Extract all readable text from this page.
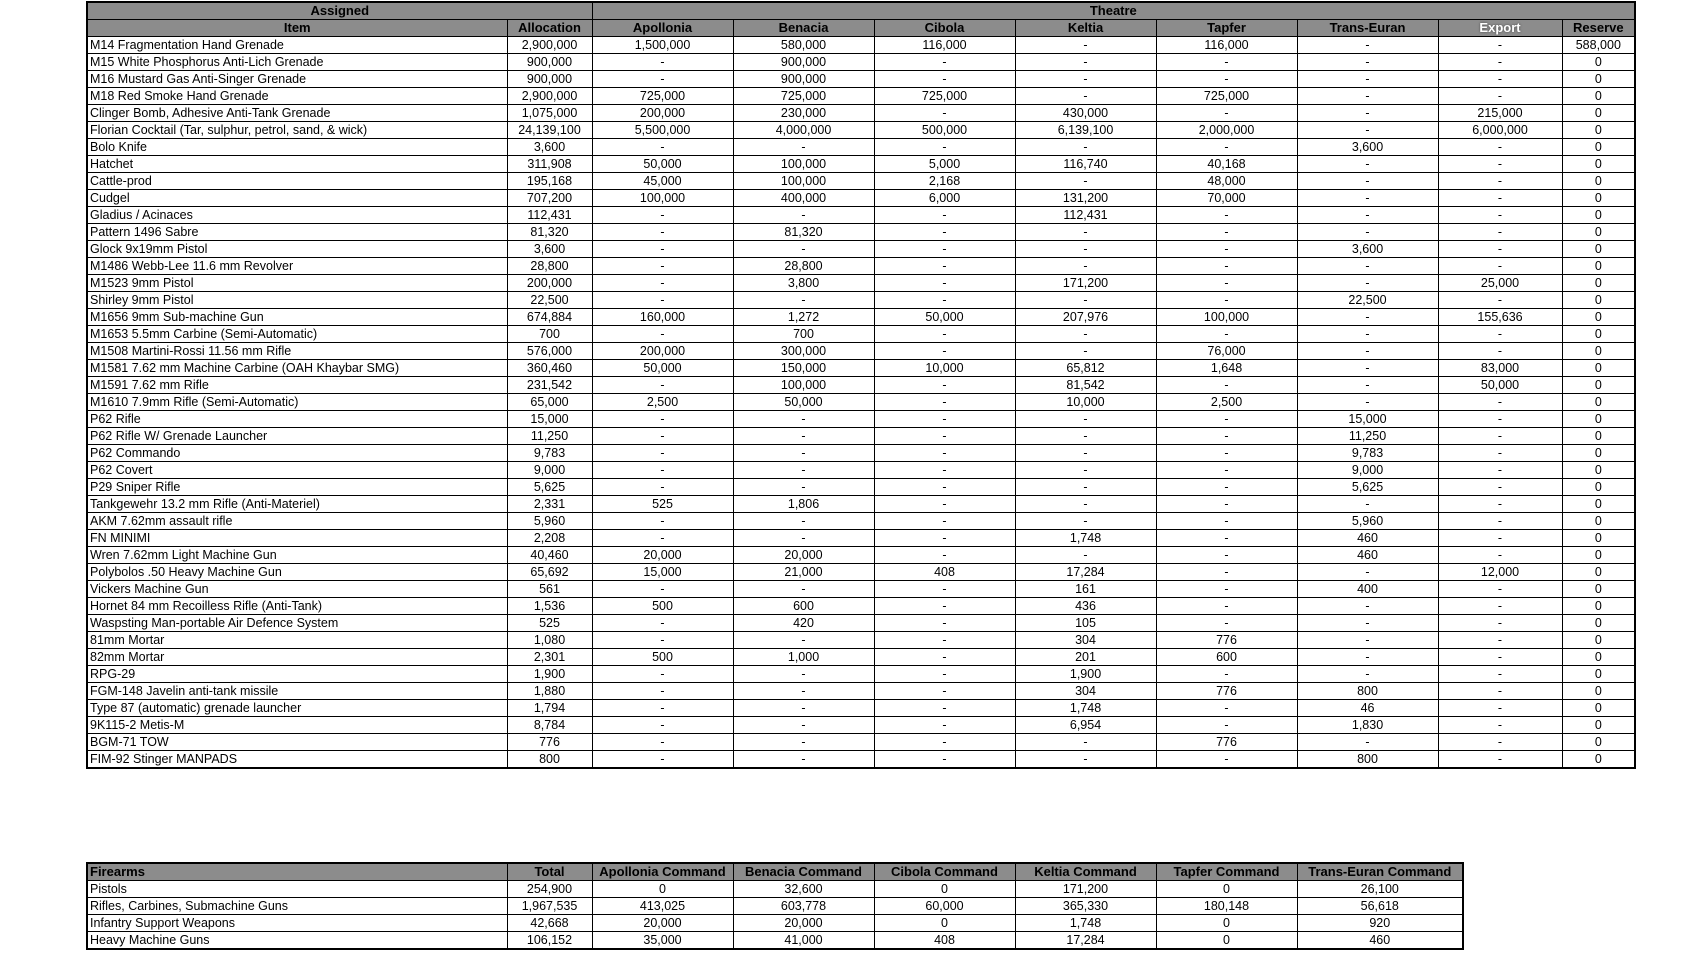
Assigned		Theatre							
Item	Allocation	Apollonia	Benacia	Cibola	Keltia	Tapfer	Trans-Euran	Export	Reserve
M14 Fragmentation Hand Grenade	2,900,000	1,500,000	580,000	116,000	-	116,000	-	-	588,000
M15 White Phosphorus Anti-Lich Grenade	900,000	-	900,000	-	-	-	-	-	0
M16 Mustard Gas Anti-Singer Grenade	900,000	-	900,000	-	-	-	-	-	0
M18 Red Smoke Hand Grenade	2,900,000	725,000	725,000	725,000	-	725,000	-	-	0
Clinger Bomb, Adhesive Anti-Tank Grenade	1,075,000	200,000	230,000	-	430,000	-	-	215,000	0
Florian Cocktail (Tar, sulphur, petrol, sand, & wick)	24,139,100	5,500,000	4,000,000	500,000	6,139,100	2,000,000	-	6,000,000	0
Bolo Knife	3,600	-	-	-	-	-	3,600	-	0
Hatchet	311,908	50,000	100,000	5,000	116,740	40,168	-	-	0
Cattle-prod	195,168	45,000	100,000	2,168	-	48,000	-	-	0
Cudgel	707,200	100,000	400,000	6,000	131,200	70,000	-	-	0
Gladius / Acinaces	112,431	-	-	-	112,431	-	-	-	0
Pattern 1496 Sabre	81,320	-	81,320	-	-	-	-	-	0
Glock 9x19mm Pistol	3,600	-	-	-	-	-	3,600	-	0
M1486 Webb-Lee 11.6 mm Revolver	28,800	-	28,800	-	-	-	-	-	0
M1523 9mm Pistol	200,000	-	3,800	-	171,200	-	-	25,000	0
Shirley 9mm Pistol	22,500	-	-	-	-	-	22,500	-	0
M1656 9mm Sub-machine Gun	674,884	160,000	1,272	50,000	207,976	100,000	-	155,636	0
M1653 5.5mm Carbine (Semi-Automatic)	700	-	700	-	-	-	-	-	0
M1508 Martini-Rossi 11.56 mm Rifle	576,000	200,000	300,000	-	-	76,000	-	-	0
M1581 7.62 mm Machine Carbine (OAH Khaybar SMG)	360,460	50,000	150,000	10,000	65,812	1,648	-	83,000	0
M1591 7.62 mm Rifle	231,542	-	100,000	-	81,542	-	-	50,000	0
M1610 7.9mm Rifle (Semi-Automatic)	65,000	2,500	50,000	-	10,000	2,500	-	-	0
P62 Rifle	15,000	-	-	-	-	-	15,000	-	0
P62 Rifle W/ Grenade Launcher	11,250	-	-	-	-	-	11,250	-	0
P62 Commando	9,783	-	-	-	-	-	9,783	-	0
P62 Covert	9,000	-	-	-	-	-	9,000	-	0
P29 Sniper Rifle	5,625	-	-	-	-	-	5,625	-	0
Tankgewehr 13.2 mm Rifle (Anti-Materiel)	2,331	525	1,806	-	-	-	-	-	0
AKM 7.62mm assault rifle	5,960	-	-	-	-	-	5,960	-	0
FN MINIMI	2,208	-	-	-	1,748	-	460	-	0
Wren 7.62mm Light Machine Gun	40,460	20,000	20,000	-	-	-	460	-	0
Polybolos .50 Heavy Machine Gun	65,692	15,000	21,000	408	17,284	-	-	12,000	0
Vickers Machine Gun	561	-	-	-	161	-	400	-	0
Hornet 84 mm Recoilless Rifle (Anti-Tank)	1,536	500	600	-	436	-	-	-	0
Waspsting Man-portable Air Defence System	525	-	420	-	105	-	-	-	0
81mm Mortar	1,080	-	-	-	304	776	-	-	0
82mm Mortar	2,301	500	1,000	-	201	600	-	-	0
RPG-29	1,900	-	-	-	1,900	-	-	-	0
FGM-148 Javelin anti-tank missile	1,880	-	-	-	304	776	800	-	0
Type 87 (automatic) grenade launcher	1,794	-	-	-	1,748	-	46	-	0
9K115-2 Metis-M	8,784	-	-	-	6,954	-	1,830	-	0
BGM-71 TOW	776	-	-	-	-	776	-	-	0
FIM-92 Stinger MANPADS	800	-	-	-	-	-	800	-	0
Firearms	Total	Apollonia Command	Benacia Command	Cibola Command	Keltia Command	Tapfer Command	Trans-Euran Command
Pistols	254,900	0	32,600	0	171,200	0	26,100
Rifles, Carbines, Submachine Guns	1,967,535	413,025	603,778	60,000	365,330	180,148	56,618
Infantry Support Weapons	42,668	20,000	20,000	0	1,748	0	920
Heavy Machine Guns	106,152	35,000	41,000	408	17,284	0	460
